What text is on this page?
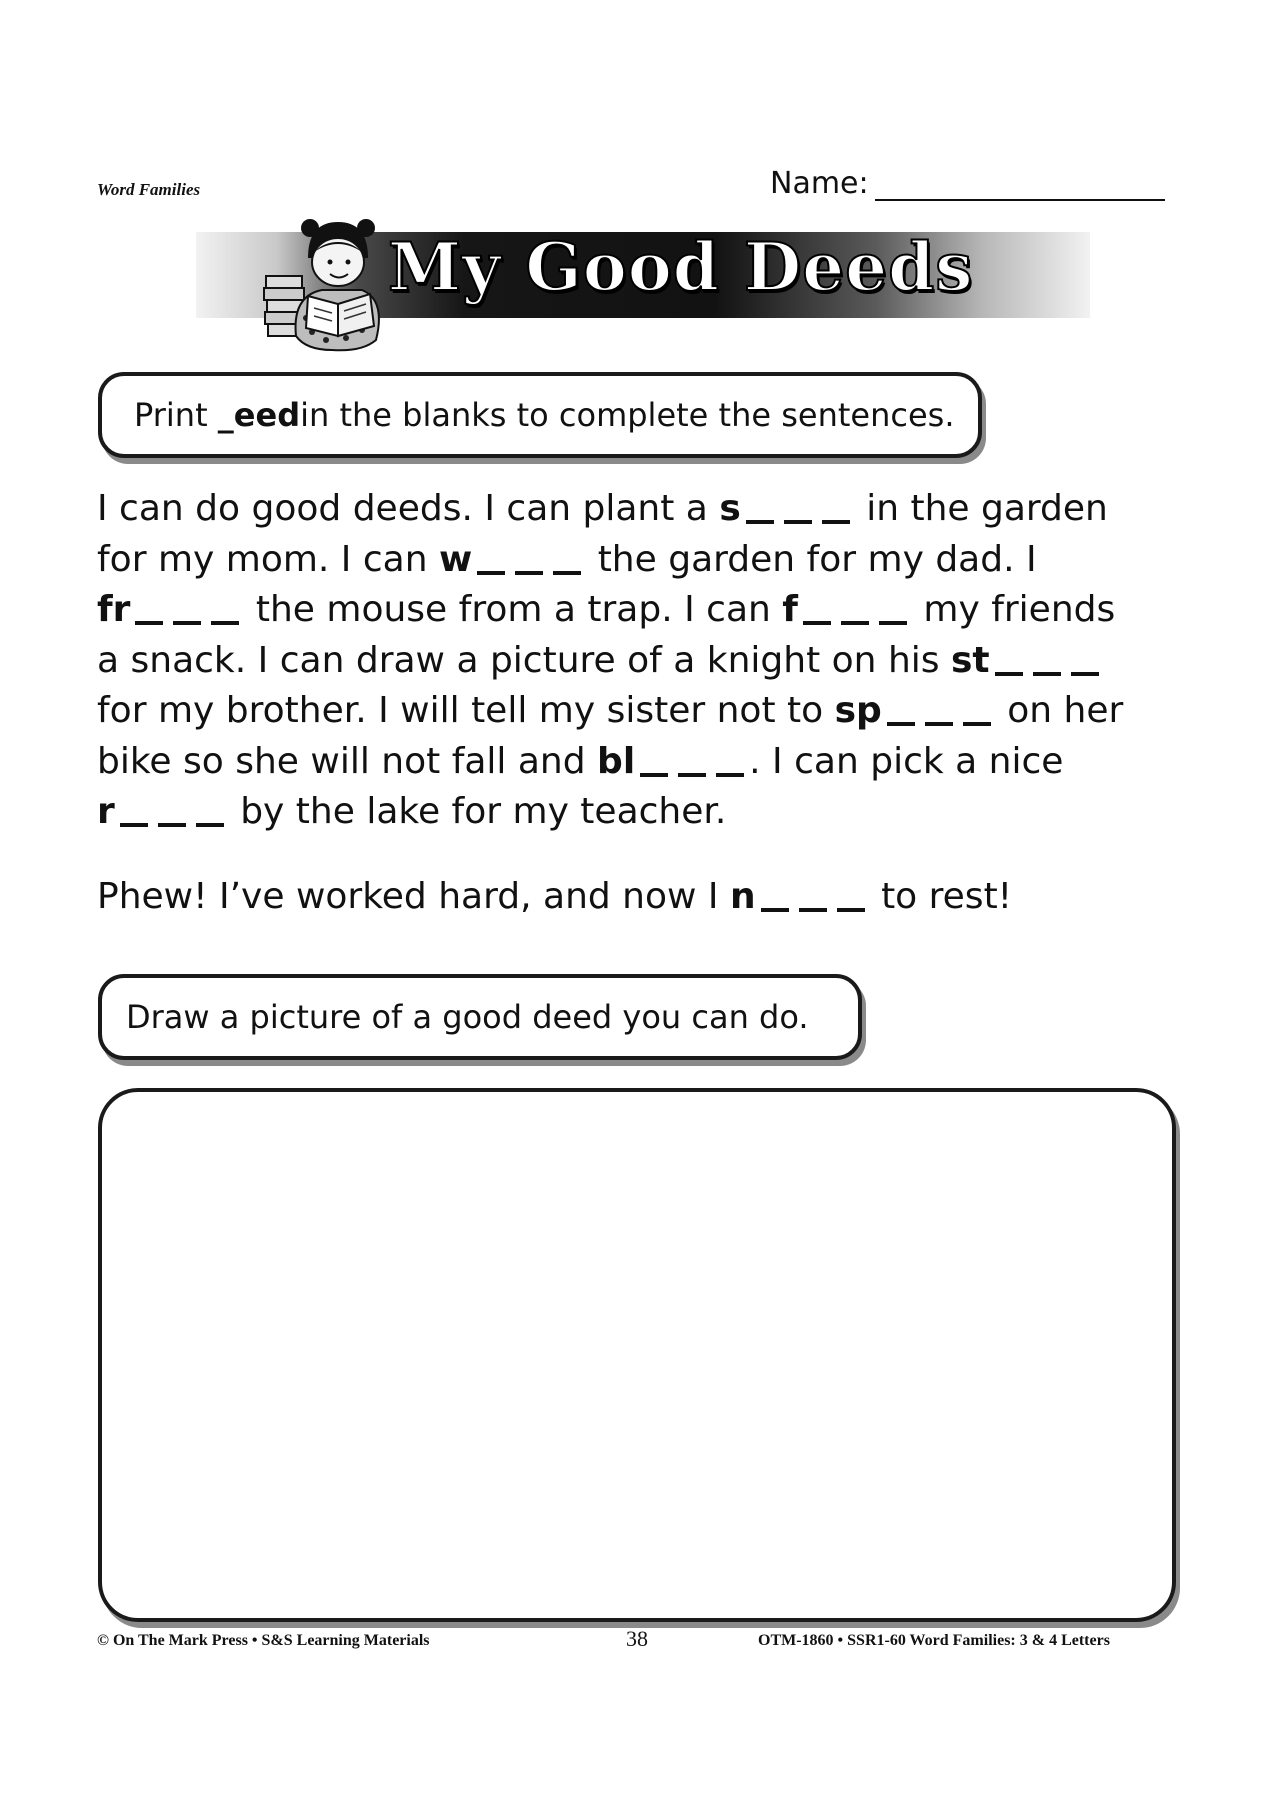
Word Families	Name:
My Good Deeds
Print
_eed in the blanks to complete the sentences.
I can do good deeds. I can plant a s	in the garden
for my mom. I can w	the garden for my dad. I
fr	the mouse from a trap. I can f	my friends
a snack. I can draw a picture of a knight on his st
for my brother. I will tell my sister not to sp	on her
bike so she will not fall and bl	. I can pick a nice
r	by the lake for my teacher.
Phew! I’ve worked hard, and now I n	to rest!
Draw a picture of a good deed you can do.
© On The Mark Press • S&S Learning Materials	38	OTM-1860 • SSR1-60 Word Families: 3 & 4 Letters
